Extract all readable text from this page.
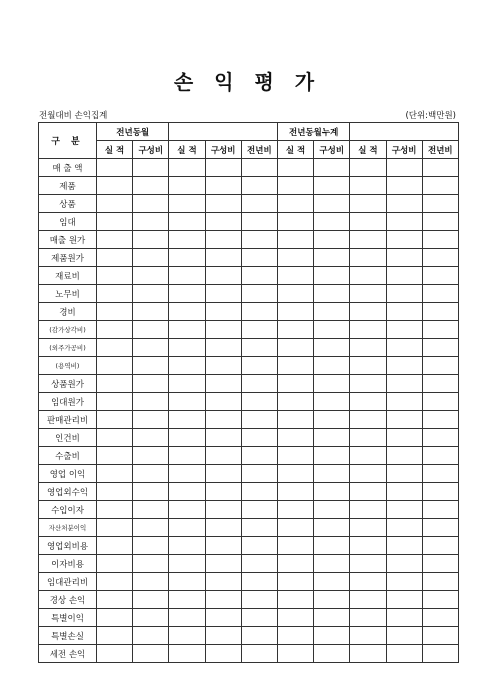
손 익 평 가
전월대비 손익집계	(단위:백만원)
구 분	전년동월					전년동월누계				
	실 적	구성비	실 적	구성비	전년비	실 적	구성비	실 적	구성비	전년비
매 출 액										
제품										
상품										
임대										
매출 원가										
제품원가										
재료비										
노무비										
경비										
(감가상각비)										
(외주가공비)										
(용역비)										
상품원가										
임대원가										
판매관리비										
인건비										
수출비										
영업 이익										
영업외수익										
수입이자										
자산처분이익										
영업외비용										
이자비용										
임대관리비										
경상 손익										
특별이익										
특별손실										
세전 손익										
